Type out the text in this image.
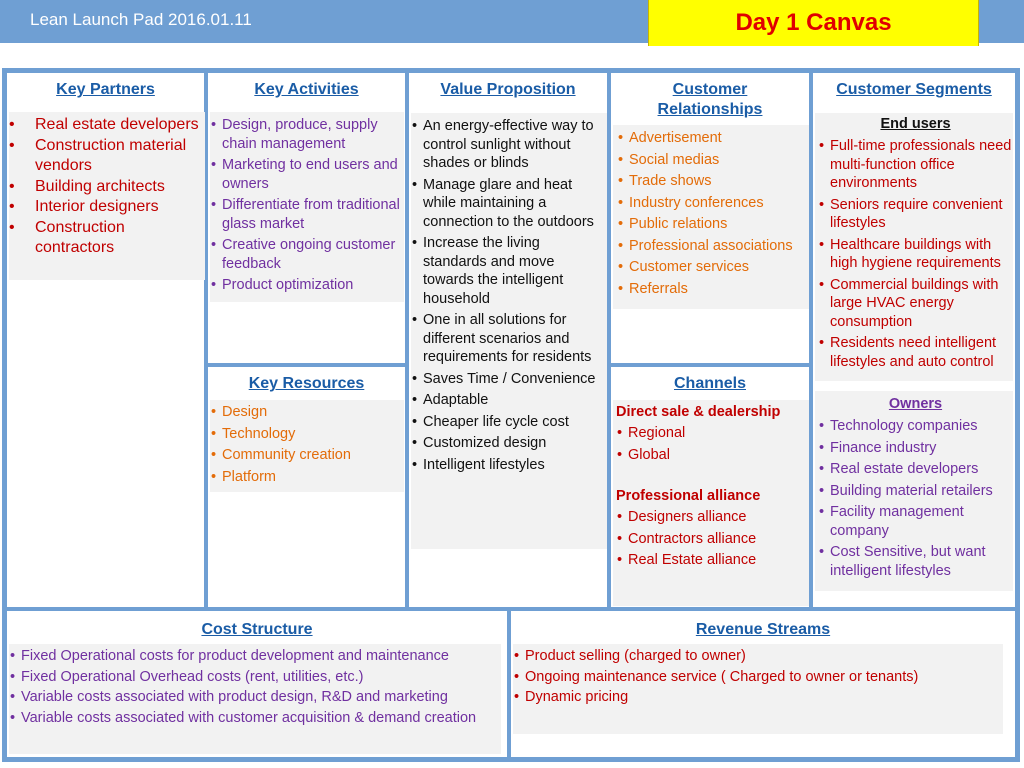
Lean Launch Pad 2016.01.11	Day 1 Canvas
Key Partners
• Real estate developers
• Construction material vendors
• Building architects
• Interior designers
• Construction contractors
Key Activities
• Design, produce, supply chain management
• Marketing to end users and owners
• Differentiate from traditional glass market
• Creative ongoing customer feedback
• Product optimization
Key Resources
• Design
• Technology
• Community creation
• Platform
Value Proposition
• An energy-effective way to control sunlight without shades or blinds
• Manage glare and heat while maintaining a connection to the outdoors
• Increase the living standards and move towards the intelligent household
• One in all solutions for different scenarios and requirements for residents
• Saves Time / Convenience
• Adaptable
• Cheaper life cycle cost
• Customized design
• Intelligent lifestyles
Customer Relationships
• Advertisement
• Social medias
• Trade shows
• Industry conferences
• Public relations
• Professional associations
• Customer services
• Referrals
Channels
Direct sale & dealership
• Regional
• Global
Professional alliance
• Designers alliance
• Contractors alliance
• Real Estate alliance
Customer Segments
End users
• Full-time professionals need multi-function office environments
• Seniors require convenient lifestyles
• Healthcare buildings with high hygiene requirements
• Commercial buildings with large HVAC energy consumption
• Residents need intelligent lifestyles and auto control
Owners
• Technology companies
• Finance industry
• Real estate developers
• Building material retailers
• Facility management company
• Cost Sensitive, but want intelligent lifestyles
Cost Structure
• Fixed Operational costs for product development and maintenance
• Fixed Operational Overhead costs (rent, utilities, etc.)
• Variable costs associated with product design, R&D and marketing
• Variable costs associated with customer acquisition & demand creation
Revenue Streams
• Product selling (charged to owner)
• Ongoing maintenance service ( Charged to owner or tenants)
• Dynamic pricing
